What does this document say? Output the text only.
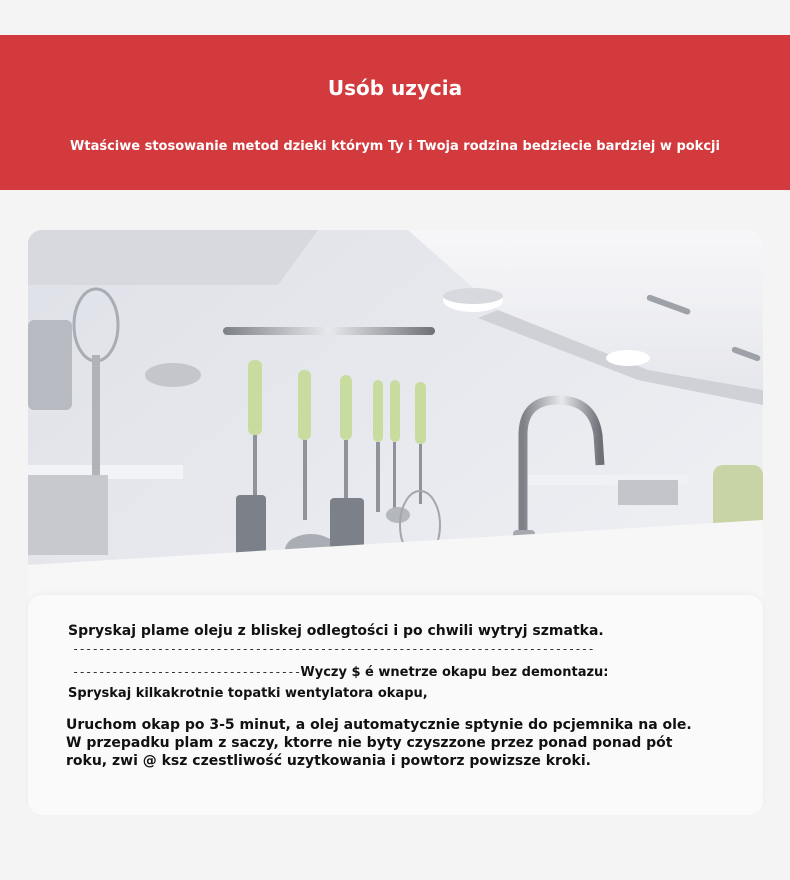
Usób uzycia
Wtaściwe stosowanie metod dzieki którym Ty i Twoja rodzina bedziecie bardziej w pokcji
Spryskaj plame oleju z bliskej odlegtości i po chwili wytryj szmatka.
--------------------------------------------------------------------------------
-----------------------------------Wyczy $ é wnetrze okapu bez demontazu:
Spryskaj kilkakrotnie topatki wentylatora okapu,
Uruchom okap po 3-5 minut, a olej automatycznie sptynie do pcjemnika na ole.
W przepadku plam z saczy, ktorre nie byty czyszzone przez ponad ponad pót
roku, zwi @ ksz czestliwość uzytkowania i powtorz powizsze kroki.
